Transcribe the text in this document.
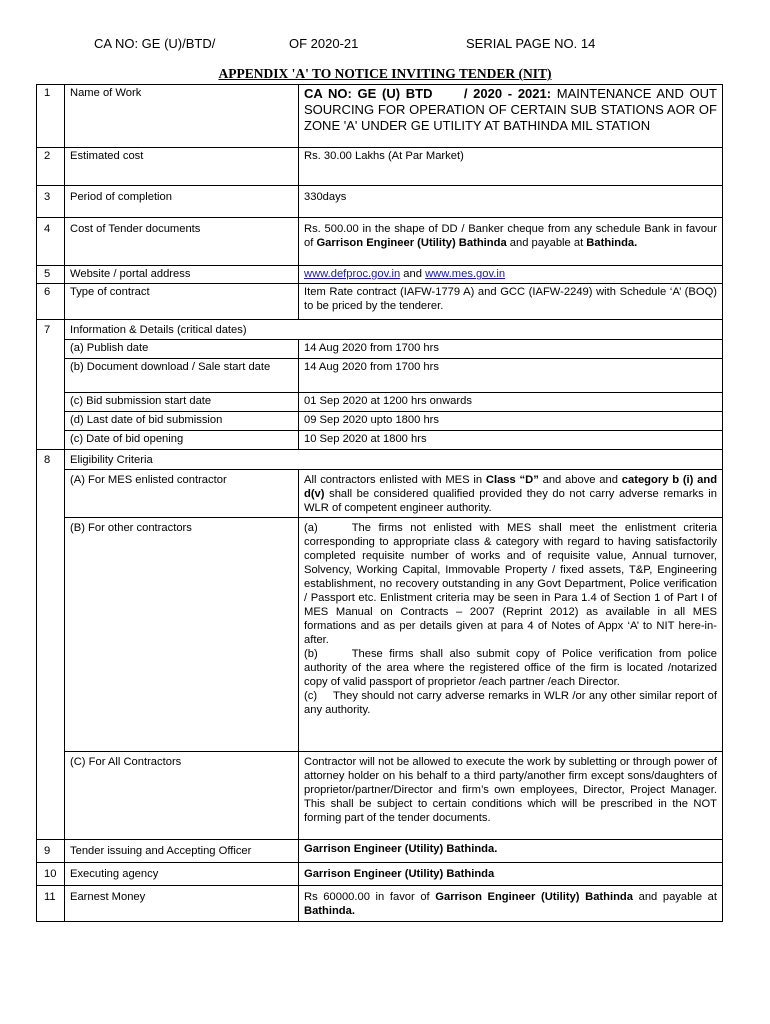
CA NO: GE (U)/BTD/	OF 2020-21	SERIAL PAGE NO. 14
APPENDIX 'A' TO NOTICE INVITING TENDER (NIT)
1	Name of Work	CA NO: GE (U) BTD / 2020 - 2021: MAINTENANCE AND OUT SOURCING FOR OPERATION OF CERTAIN SUB STATIONS AOR OF ZONE 'A' UNDER GE UTILITY AT BATHINDA MIL STATION
2	Estimated cost	Rs. 30.00 Lakhs (At Par Market)
3	Period of completion	330days
4	Cost of Tender documents	Rs. 500.00 in the shape of DD / Banker cheque from any schedule Bank in favour of Garrison Engineer (Utility) Bathinda and payable at Bathinda.
5	Website / portal address	www.defproc.gov.in and www.mes.gov.in
6	Type of contract	Item Rate contract (IAFW-1779 A) and GCC (IAFW-2249) with Schedule ‘A’ (BOQ) to be priced by the tenderer.
7	Information & Details (critical dates)	
	(a) Publish date	14 Aug 2020 from 1700 hrs
	(b) Document download / Sale start date	14 Aug 2020 from 1700 hrs
	(c) Bid submission start date	01 Sep 2020 at 1200 hrs onwards
	(d) Last date of bid submission	09 Sep 2020 upto 1800 hrs
	(c) Date of bid opening	10 Sep 2020 at 1800 hrs
8	Eligibility Criteria	
	(A) For MES enlisted contractor	All contractors enlisted with MES in Class “D” and above and category b (i) and d(v) shall be considered qualified provided they do not carry adverse remarks in WLR of competent engineer authority.
	(B) For other contractors	(a) The firms not enlisted with MES shall meet the enlistment criteria corresponding to appropriate class & category with regard to having satisfactorily completed requisite number of works and of requisite value, Annual turnover, Solvency, Working Capital, Immovable Property / fixed assets, T&P, Engineering establishment, no recovery outstanding in any Govt Department, Police verification / Passport etc. Enlistment criteria may be seen in Para 1.4 of Section 1 of Part I of MES Manual on Contracts – 2007 (Reprint 2012) as available in all MES formations and as per details given at para 4 of Notes of Appx ‘A’ to NIT here-in-after.
(b) These firms shall also submit copy of Police verification from police authority of the area where the registered office of the firm is located /notarized copy of valid passport of proprietor /each partner /each Director.
(c) They should not carry adverse remarks in WLR /or any other similar report of any authority.

	(C) For All Contractors	Contractor will not be allowed to execute the work by subletting or through power of attorney holder on his behalf to a third party/another firm except sons/daughters of proprietor/partner/Director and firm’s own employees, Director, Project Manager. This shall be subject to certain conditions which will be prescribed in the NOT forming part of the tender documents.
9	Tender issuing and Accepting Officer	Garrison Engineer (Utility) Bathinda.
10	Executing agency	Garrison Engineer (Utility) Bathinda
11	Earnest Money	Rs 60000.00 in favor of Garrison Engineer (Utility) Bathinda and payable at Bathinda.
